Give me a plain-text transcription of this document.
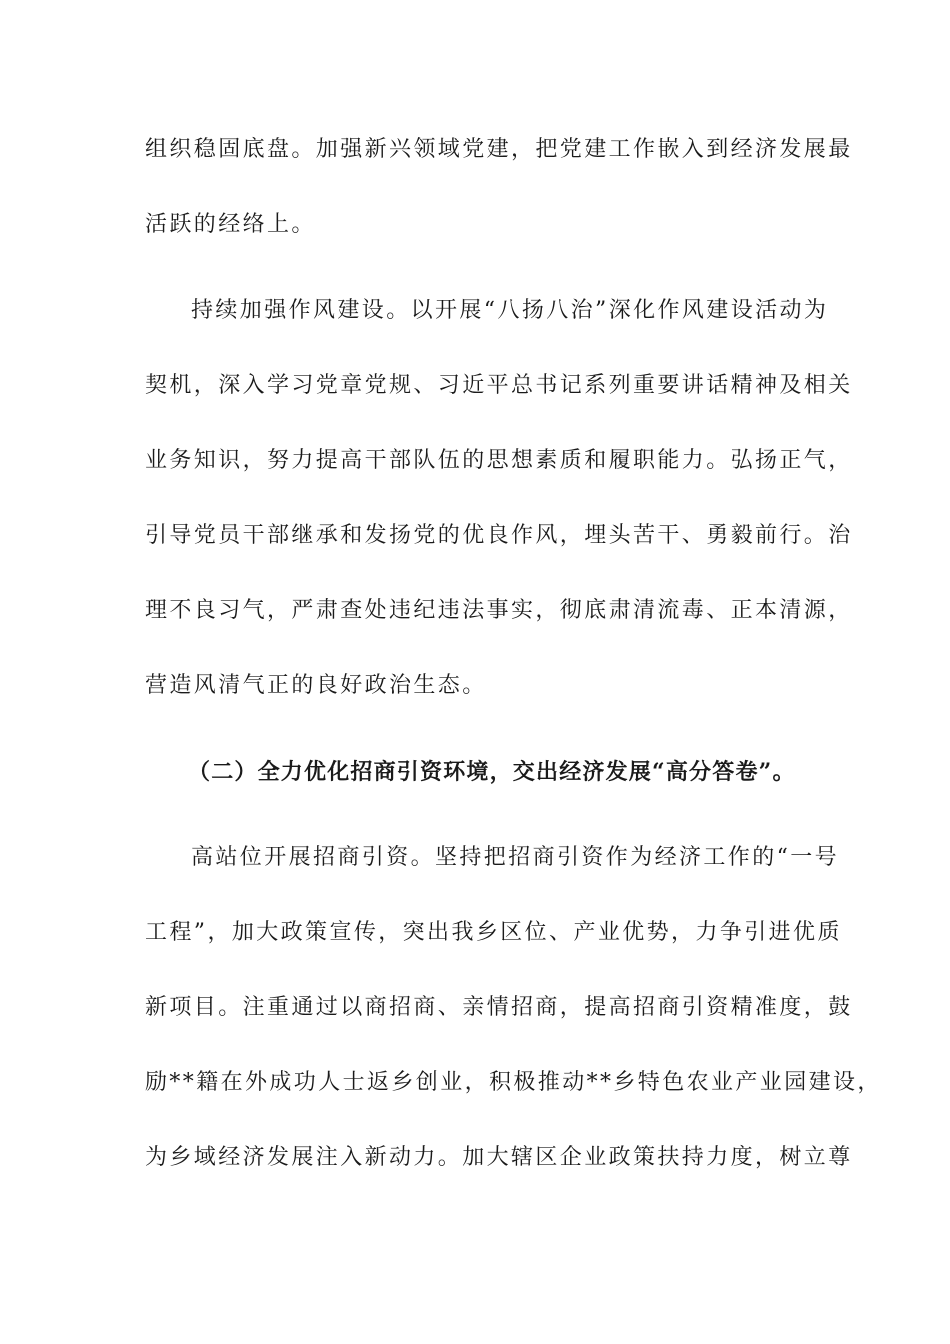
组织稳固底盘。加强新兴领域党建，把党建工作嵌入到经济发展最
活跃的经络上。
持续加强作风建设。以开展“八扬八治”深化作风建设活动为
契机，深入学习党章党规、习近平总书记系列重要讲话精神及相关
业务知识，努力提高干部队伍的思想素质和履职能力。弘扬正气，
引导党员干部继承和发扬党的优良作风，埋头苦干、勇毅前行。治
理不良习气，严肃查处违纪违法事实，彻底肃清流毒、正本清源，
营造风清气正的良好政治生态。
（二）全力优化招商引资环境，交出经济发展“高分答卷”。
高站位开展招商引资。坚持把招商引资作为经济工作的“一号
工程”，加大政策宣传，突出我乡区位、产业优势，力争引进优质
新项目。注重通过以商招商、亲情招商，提高招商引资精准度，鼓
励**籍在外成功人士返乡创业，积极推动**乡特色农业产业园建设，
为乡域经济发展注入新动力。加大辖区企业政策扶持力度，树立尊
